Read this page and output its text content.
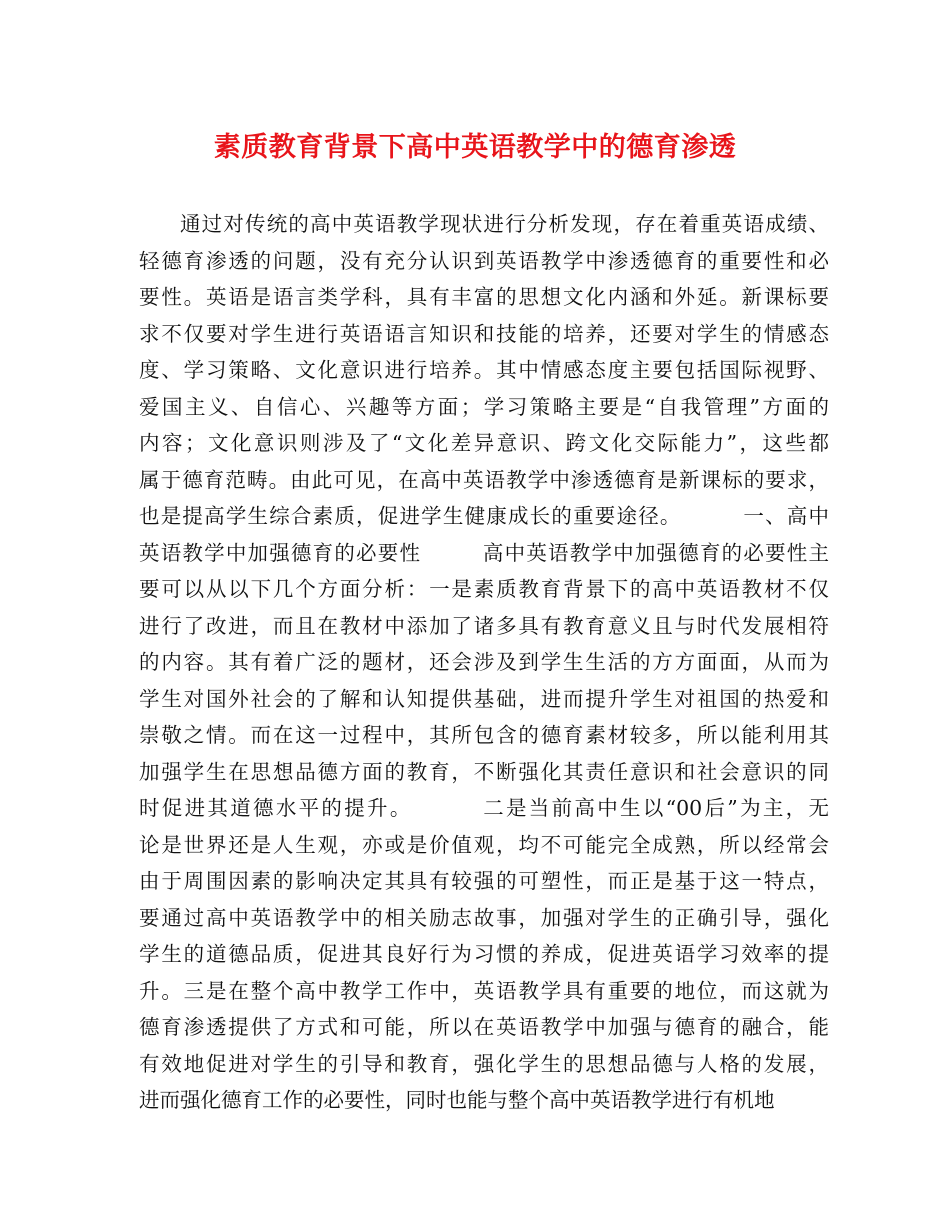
素质教育背景下高中英语教学中的德育渗透
通过对传统的高中英语教学现状进行分析发现，存在着重英语成绩、
轻德育渗透的问题，没有充分认识到英语教学中渗透德育的重要性和必
要性。英语是语言类学科，具有丰富的思想文化内涵和外延。新课标要
求不仅要对学生进行英语语言知识和技能的培养，还要对学生的情感态
度、学习策略、文化意识进行培养。其中情感态度主要包括国际视野、
爱国主义、自信心、兴趣等方面；学习策略主要是“自我管理”方面的
内容；文化意识则涉及了“文化差异意识、跨文化交际能力”，这些都
属于德育范畴。由此可见，在高中英语教学中渗透德育是新课标的要求，
也是提高学生综合素质，促进学生健康成长的重要途径。        一、高中
英语教学中加强德育的必要性        高中英语教学中加强德育的必要性主
要可以从以下几个方面分析：一是素质教育背景下的高中英语教材不仅
进行了改进，而且在教材中添加了诸多具有教育意义且与时代发展相符
的内容。其有着广泛的题材，还会涉及到学生生活的方方面面，从而为
学生对国外社会的了解和认知提供基础，进而提升学生对祖国的热爱和
崇敬之情。而在这一过程中，其所包含的德育素材较多，所以能利用其
加强学生在思想品德方面的教育，不断强化其责任意识和社会意识的同
时促进其道德水平的提升。        二是当前高中生以“00后”为主，无
论是世界还是人生观，亦或是价值观，均不可能完全成熟，所以经常会
由于周围因素的影响决定其具有较强的可塑性，而正是基于这一特点，
要通过高中英语教学中的相关励志故事，加强对学生的正确引导，强化
学生的道德品质，促进其良好行为习惯的养成，促进英语学习效率的提
升。三是在整个高中教学工作中，英语教学具有重要的地位，而这就为
德育渗透提供了方式和可能，所以在英语教学中加强与德育的融合，能
有效地促进对学生的引导和教育，强化学生的思想品德与人格的发展，
进而强化德育工作的必要性，同时也能与整个高中英语教学进行有机地
